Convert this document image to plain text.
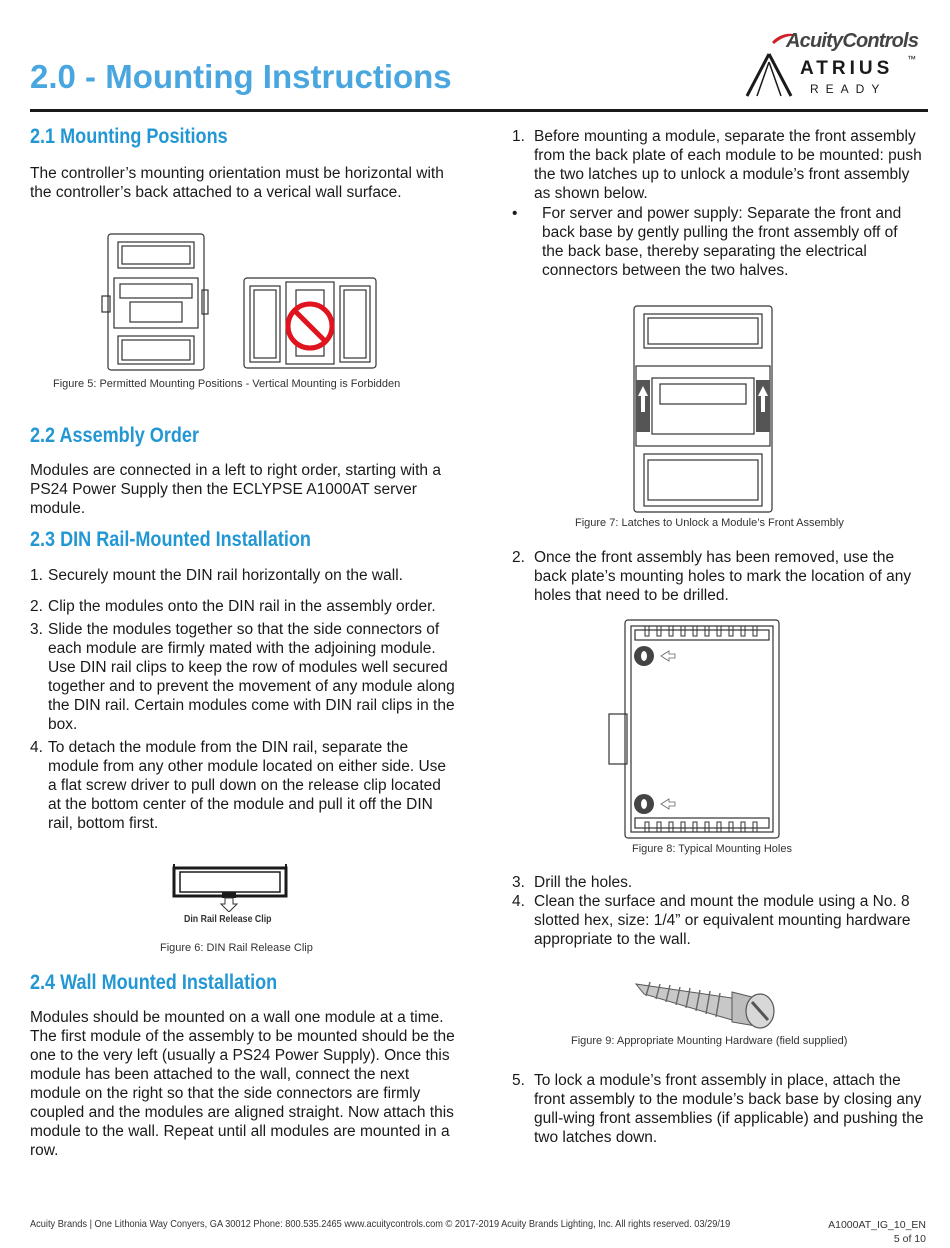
2.0 - Mounting Instructions
AcuityControls
ATRIUS ™
READY
2.1 Mounting Positions
The controller’s mounting orientation must be horizontal with the controller’s back attached to a verical wall surface.
Figure 5: Permitted Mounting Positions - Vertical Mounting is Forbidden
2.2 Assembly Order
Modules are connected in a left to right order, starting with a PS24 Power Supply then the ECLYPSE A1000AT server module.
2.3 DIN Rail-Mounted Installation
1. Securely mount the DIN rail horizontally on the wall.
2. Clip the modules onto the DIN rail in the assembly order.
3. Slide the modules together so that the side connectors of each module are firmly mated with the adjoining module. Use DIN rail clips to keep the row of modules well secured together and to prevent the movement of any module along the DIN rail. Certain modules come with DIN rail clips in the box.
4. To detach the module from the DIN rail, separate the module from any other module located on either side. Use a flat screw driver to pull down on the release clip located at the bottom center of the module and pull it off the DIN rail, bottom first.
Din Rail Release Clip
Figure 6: DIN Rail Release Clip
2.4 Wall Mounted Installation
Modules should be mounted on a wall one module at a time. The first module of the assembly to be mounted should be the one to the very left (usually a PS24 Power Supply). Once this module has been attached to the wall, connect the next module on the right so that the side connectors are firmly coupled and the modules are aligned straight. Now attach this module to the wall. Repeat until all modules are mounted in a row.
1. Before mounting a module, separate the front assembly from the back plate of each module to be mounted: push the two latches up to unlock a module’s front assembly as shown below.
• For server and power supply: Separate the front and back base by gently pulling the front assembly off of the back base, thereby separating the electrical connectors between the two halves.
Figure 7: Latches to Unlock a Module’s Front Assembly
2. Once the front assembly has been removed, use the back plate’s mounting holes to mark the location of any holes that need to be drilled.
Figure 8: Typical Mounting Holes
3. Drill the holes.
4. Clean the surface and mount the module using a No. 8 slotted hex, size: 1/4” or equivalent mounting hardware appropriate to the wall.
Figure 9: Appropriate Mounting Hardware (field supplied)
5. To lock a module’s front assembly in place, attach the front assembly to the module’s back base by closing any gull-wing front assemblies (if applicable) and pushing the two latches down.
Acuity Brands | One Lithonia Way Conyers, GA 30012 Phone: 800.535.2465 www.acuitycontrols.com © 2017-2019 Acuity Brands Lighting, Inc. All rights reserved. 03/29/19	A1000AT_IG_10_EN
5 of 10
